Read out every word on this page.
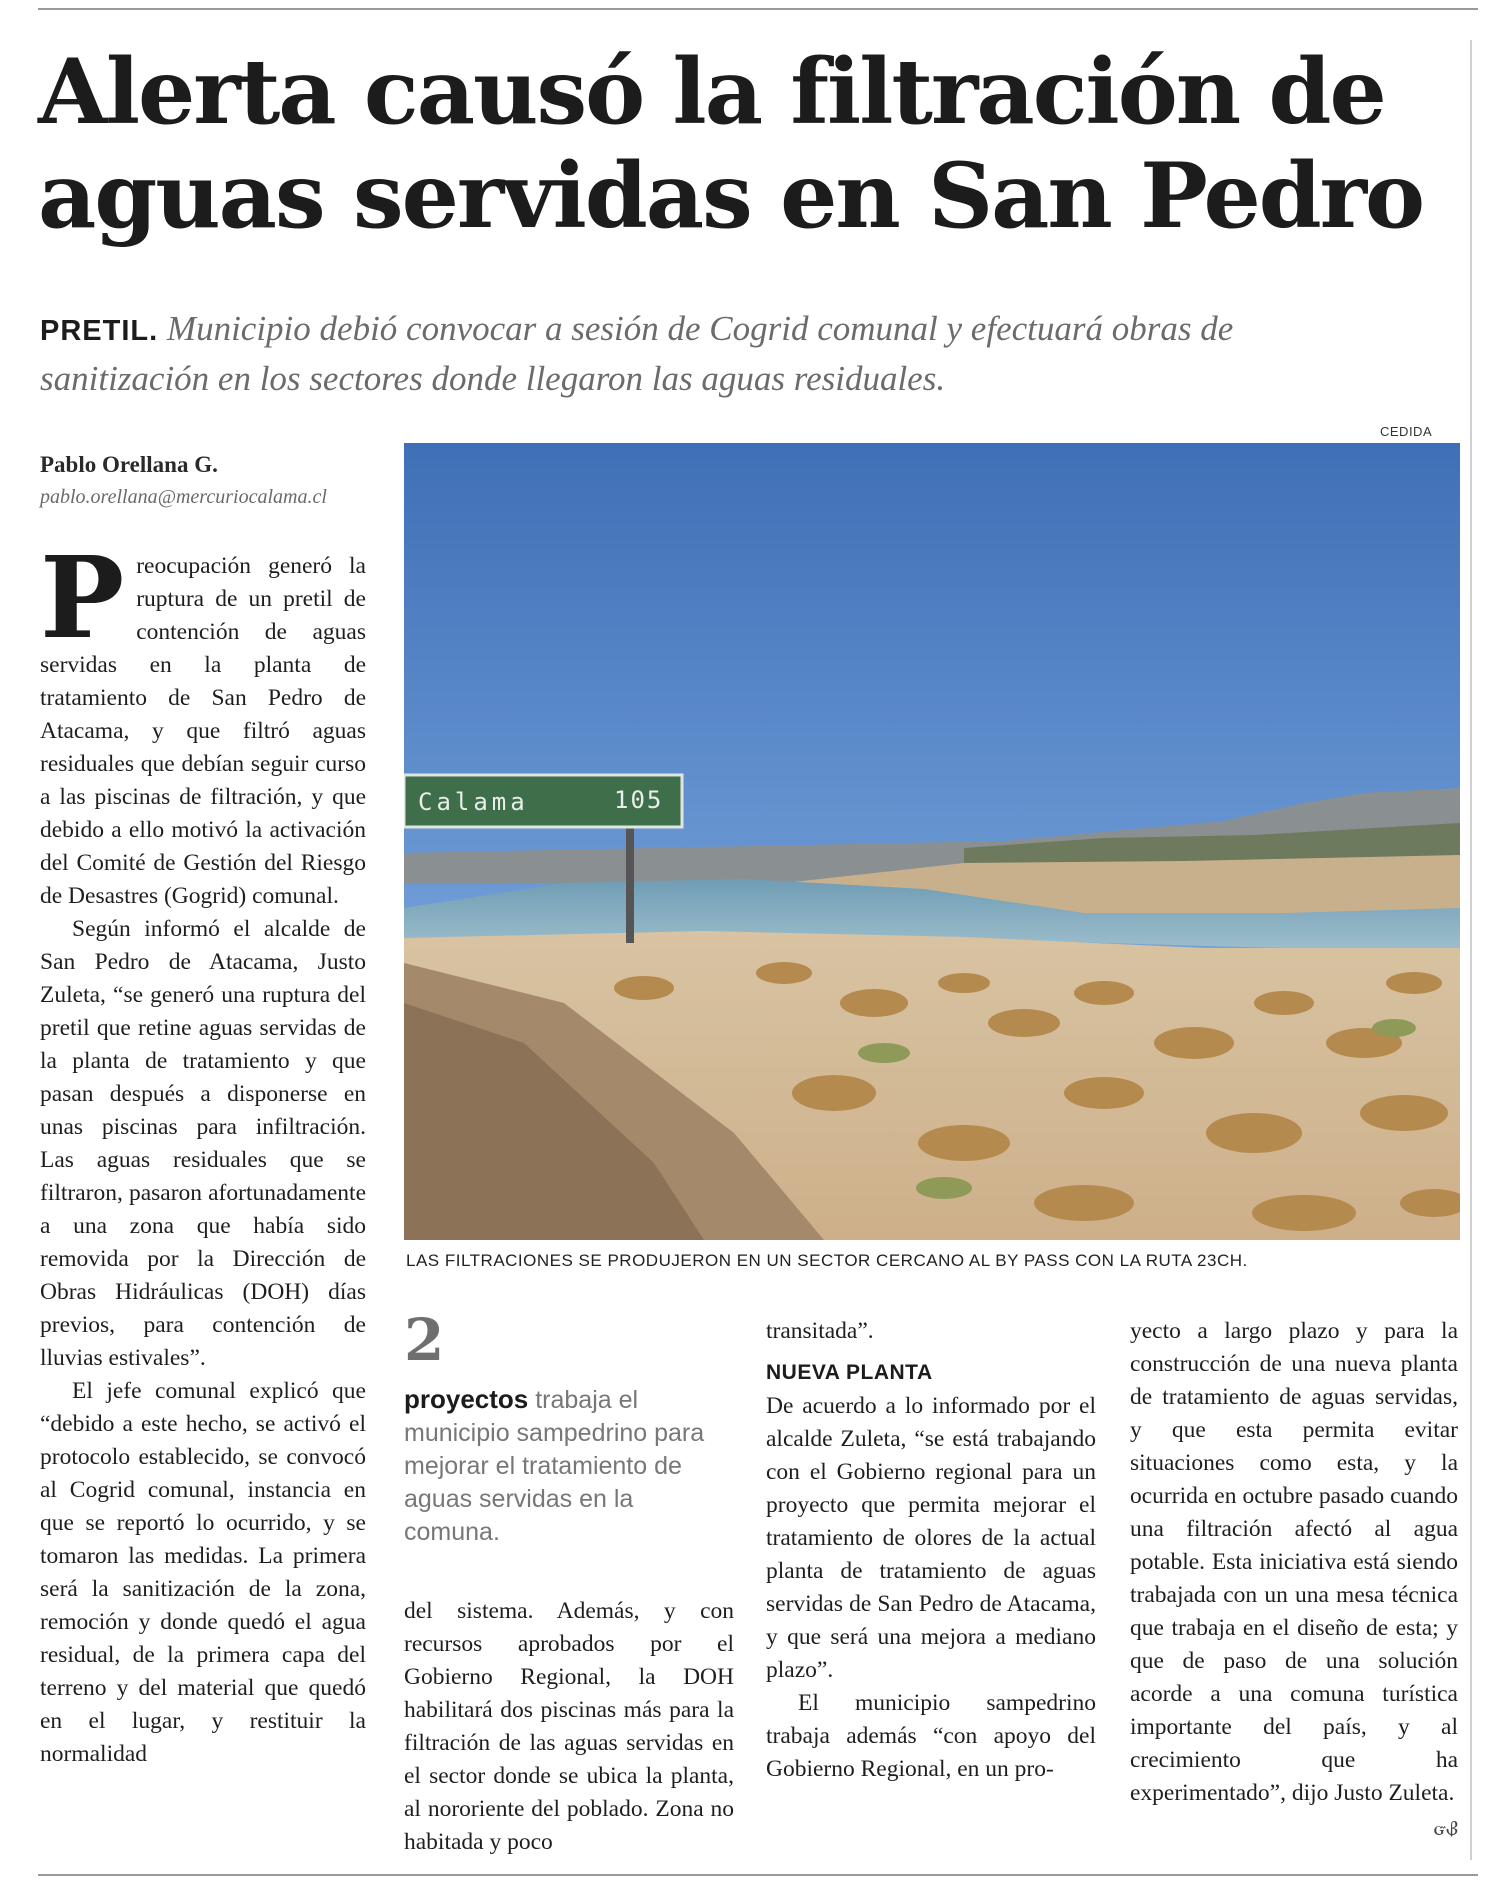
Alerta causó la filtración de aguas servidas en San Pedro
PRETIL. Municipio debió convocar a sesión de Cogrid comunal y efectuará obras de sanitización en los sectores donde llegaron las aguas residuales.
Pablo Orellana G.
pablo.orellana@mercuriocalama.cl

Preocupación generó la ruptura de un pretil de contención de aguas servidas en la planta de tratamiento de San Pedro de Atacama, y que filtró aguas residuales que debían seguir curso a las piscinas de filtración, y que debido a ello motivó la activación del Comité de Gestión del Riesgo de Desastres (Gogrid) comunal.

Según informó el alcalde de San Pedro de Atacama, Justo Zuleta, “se generó una ruptura del pretil que retine aguas servidas de la planta de tratamiento y que pasan después a disponerse en unas piscinas para infiltración. Las aguas residuales que se filtraron, pasaron afortunadamente a una zona que había sido removida por la Dirección de Obras Hidráulicas (DOH) días previos, para contención de lluvias estivales”.

El jefe comunal explicó que “debido a este hecho, se activó el protocolo establecido, se convocó al Cogrid comunal, instancia en que se reportó lo ocurrido, y se tomaron las medidas. La primera será la sanitización de la zona, remoción y donde quedó el agua residual, de la primera capa del terreno y del material que quedó en el lugar, y restituir la normalidad

CEDIDA
Calama	105
LAS FILTRACIONES SE PRODUJERON EN UN SECTOR CERCANO AL BY PASS CON LA RUTA 23CH.
2
proyectos trabaja el municipio sampedrino para mejorar el tratamiento de aguas servidas en la comuna.

del sistema. Además, y con recursos aprobados por el Gobierno Regional, la DOH habilitará dos piscinas más para la filtración de las aguas servidas en el sector donde se ubica la planta, al nororiente del poblado. Zona no habitada y poco

transitada”.

NUEVA PLANTA

De acuerdo a lo informado por el alcalde Zuleta, “se está trabajando con el Gobierno regional para un proyecto que permita mejorar el tratamiento de olores de la actual planta de tratamiento de aguas servidas de San Pedro de Atacama, y que será una mejora a mediano plazo”.

El municipio sampedrino trabaja además “con apoyo del Gobierno Regional, en un pro-

yecto a largo plazo y para la construcción de una nueva planta de tratamiento de aguas servidas, y que esta permita evitar situaciones como esta, y la ocurrida en octubre pasado cuando una filtración afectó al agua potable. Esta iniciativa está siendo trabajada con un una mesa técnica que trabaja en el diseño de esta; y que de paso de una solución acorde a una comuna turística importante del país, y al crecimiento que ha experimentado”, dijo Justo Zuleta.
ᏻᏰ
